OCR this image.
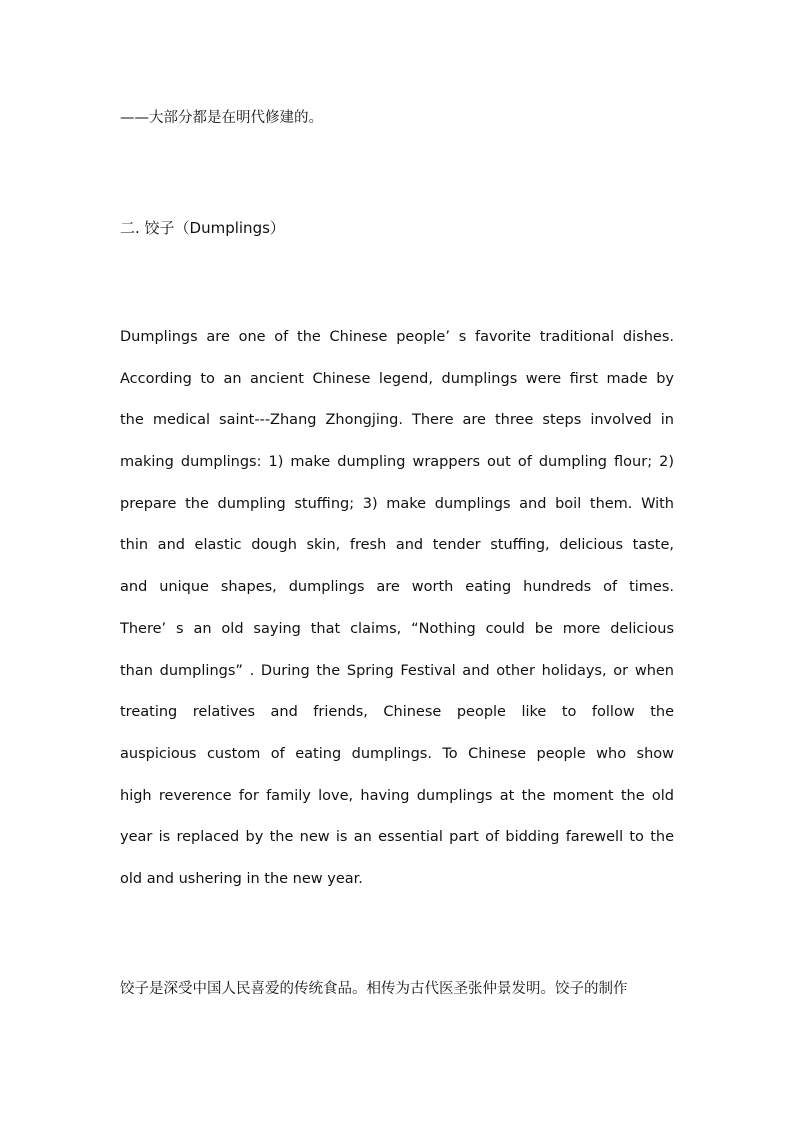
——大部分都是在明代修建的。
二. 饺子（Dumplings）
Dumplings are one of the Chinese people’ s favorite traditional dishes.
According to an ancient Chinese legend, dumplings were first made by
the medical saint---Zhang Zhongjing. There are three steps involved in
making dumplings: 1) make dumpling wrappers out of dumpling flour; 2)
prepare the dumpling stuffing; 3) make dumplings and boil them. With
thin and elastic dough skin, fresh and tender stuffing, delicious taste,
and unique shapes, dumplings are worth eating hundreds of times.
There’ s an old saying that claims, “Nothing could be more delicious
than dumplings” . During the Spring Festival and other holidays, or when
treating relatives and friends, Chinese people like to follow the
auspicious custom of eating dumplings. To Chinese people who show
high reverence for family love, having dumplings at the moment the old
year is replaced by the new is an essential part of bidding farewell to the
old and ushering in the new year.
饺子是深受中国人民喜爱的传统食品。相传为古代医圣张仲景发明。饺子的制作
